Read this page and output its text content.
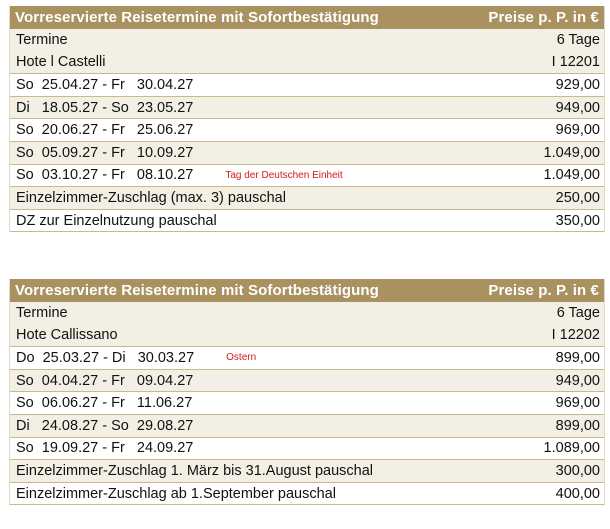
Vorreservierte Reisetermine mit Sofortbestätigung	Preise p. P. in €
Termine	6 Tage
Hote l Castelli	I 12201
So  25.04.27 - Fr   30.04.27	929,00
Di   18.05.27 - So  23.05.27	949,00
So  20.06.27 - Fr   25.06.27	969,00
So  05.09.27 - Fr   10.09.27	1.049,00
So  03.10.27 - Fr   08.10.27	Tag der Deutschen Einheit	1.049,00
Einzelzimmer-Zuschlag (max. 3) pauschal	250,00
DZ zur Einzelnutzung pauschal	350,00
Vorreservierte Reisetermine mit Sofortbestätigung	Preise p. P. in €
Termine	6 Tage
Hote Callissano	I 12202
Do  25.03.27 - Di   30.03.27	Ostern	899,00
So  04.04.27 - Fr   09.04.27	949,00
So  06.06.27 - Fr   11.06.27	969,00
Di   24.08.27 - So  29.08.27	899,00
So  19.09.27 - Fr   24.09.27	1.089,00
Einzelzimmer-Zuschlag 1. März bis 31.August pauschal	300,00
Einzelzimmer-Zuschlag ab 1.September pauschal	400,00
